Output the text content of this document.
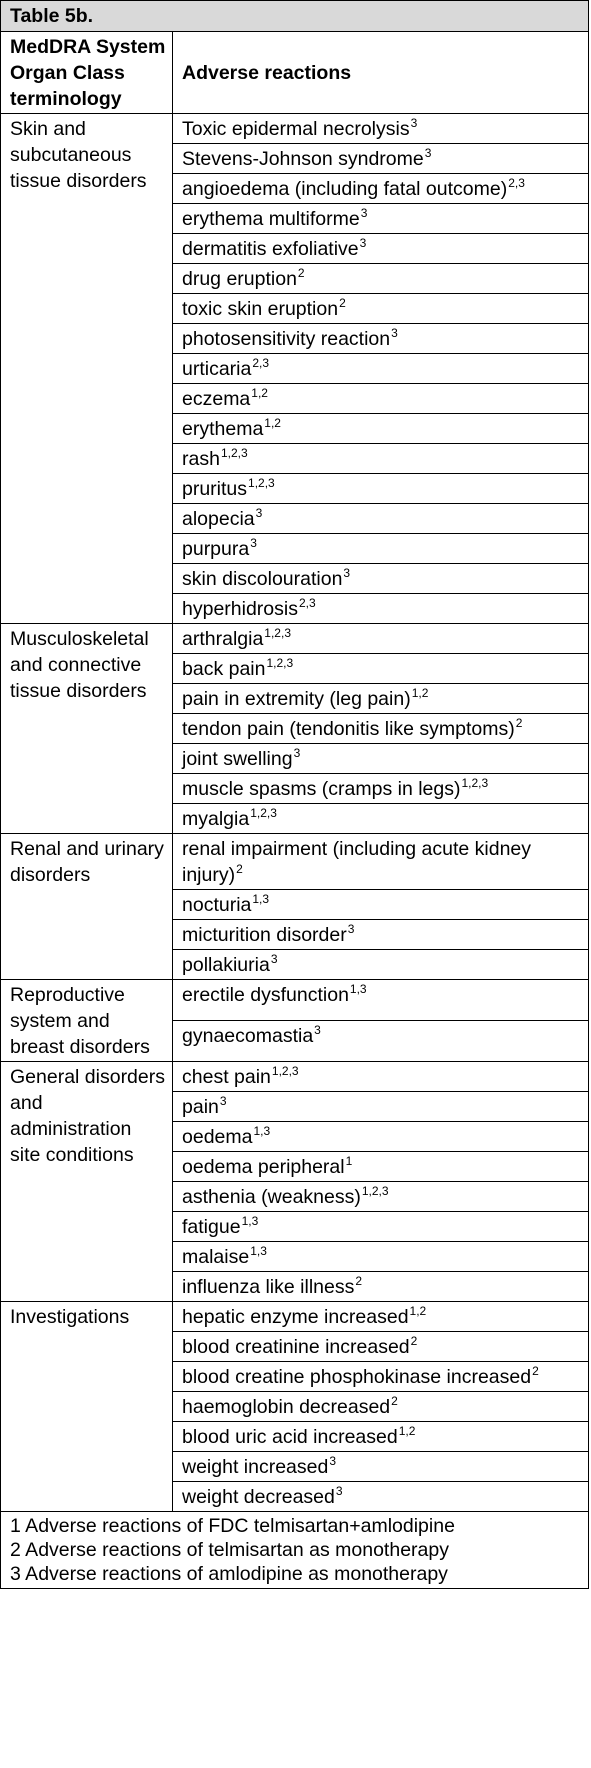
Table 5b.	
MedDRA System Organ Class terminology	Adverse reactions
Skin and subcutaneous tissue disorders	Toxic epidermal necrolysis$^3$
	Stevens-Johnson syndrome$^3$
	angioedema (including fatal outcome)$^{2,3}$
	erythema multiforme$^3$
	dermatitis exfoliative$^3$
	drug eruption$^2$
	toxic skin eruption$^2$
	photosensitivity reaction$^3$
	urticaria$^{2,3}$
	eczema$^{1,2}$
	erythema$^{1,2}$
	rash$^{1,2,3}$
	pruritus$^{1,2,3}$
	alopecia$^3$
	purpura$^3$
	skin discolouration$^3$
	hyperhidrosis$^{2,3}$
Musculoskeletal and connective tissue disorders	arthralgia$^{1,2,3}$
	back pain$^{1,2,3}$
	pain in extremity (leg pain)$^{1,2}$
	tendon pain (tendonitis like symptoms)$^2$
	joint swelling$^3$
	muscle spasms (cramps in legs)$^{1,2,3}$
	myalgia$^{1,2,3}$
Renal and urinary disorders	renal impairment (including acute kidney injury)$^2$
	nocturia$^{1,3}$
	micturition disorder$^3$
	pollakiuria$^3$
Reproductive system and breast disorders	erectile dysfunction$^{1,3}$
	gynaecomastia$^3$
General disorders and administration site conditions	chest pain$^{1,2,3}$
	pain$^3$
	oedema$^{1,3}$
	oedema peripheral$^1$
	asthenia (weakness)$^{1,2,3}$
	fatigue$^{1,3}$
	malaise$^{1,3}$
	influenza like illness$^2$
Investigations	hepatic enzyme increased$^{1,2}$
	blood creatinine increased$^2$
	blood creatine phosphokinase increased$^2$
	haemoglobin decreased$^2$
	blood uric acid increased$^{1,2}$
	weight increased$^3$
	weight decreased$^3$

1 Adverse reactions of FDC telmisartan+amlodipine
2 Adverse reactions of telmisartan as monotherapy
3 Adverse reactions of amlodipine as monotherapy	
